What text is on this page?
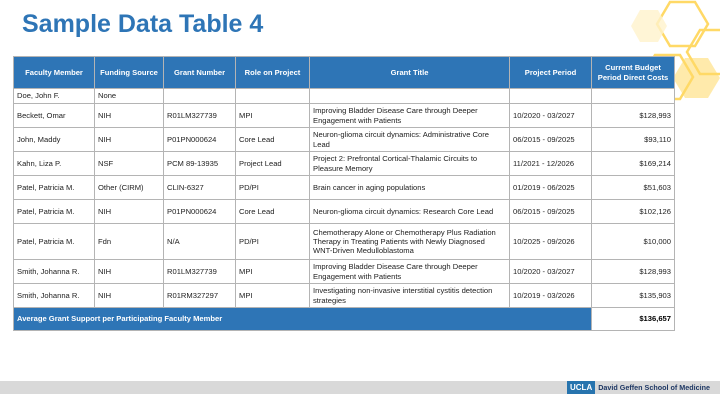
Sample Data Table 4
Faculty Member	Funding Source	Grant Number	Role on Project	Grant Title	Project Period	Current Budget Period Direct Costs
Doe, John F.	None					
Beckett, Omar	NIH	R01LM327739	MPI	Improving Bladder Disease Care through Deeper Engagement with Patients	10/2020 - 03/2027	$128,993
John, Maddy	NIH	P01PN000624	Core Lead	Neuron-glioma circuit dynamics: Administrative Core Lead	06/2015 - 09/2025	$93,110
Kahn, Liza P.	NSF	PCM 89-13935	Project Lead	Project 2: Prefrontal Cortical-Thalamic Circuits to Pleasure Memory	11/2021 - 12/2026	$169,214
Patel, Patricia M.	Other (CIRM)	CLIN-6327	PD/PI	Brain cancer in aging populations	01/2019 - 06/2025	$51,603
Patel, Patricia M.	NIH	P01PN000624	Core Lead	Neuron-glioma circuit dynamics: Research Core Lead	06/2015 - 09/2025	$102,126
Patel, Patricia M.	Fdn	N/A	PD/PI	Chemotherapy Alone or Chemotherapy Plus Radiation Therapy in Treating Patients with Newly Diagnosed WNT-Driven Medulloblastoma	10/2025 - 09/2026	$10,000
Smith, Johanna R.	NIH	R01LM327739	MPI	Improving Bladder Disease Care through Deeper Engagement with Patients	10/2020 - 03/2027	$128,993
Smith, Johanna R.	NIH	R01RM327297	MPI	Investigating non-invasive interstitial cystitis detection strategies	10/2019 - 03/2026	$135,903
Average Grant Support per Participating Faculty Member						$136,657
UCLA David Geffen School of Medicine
